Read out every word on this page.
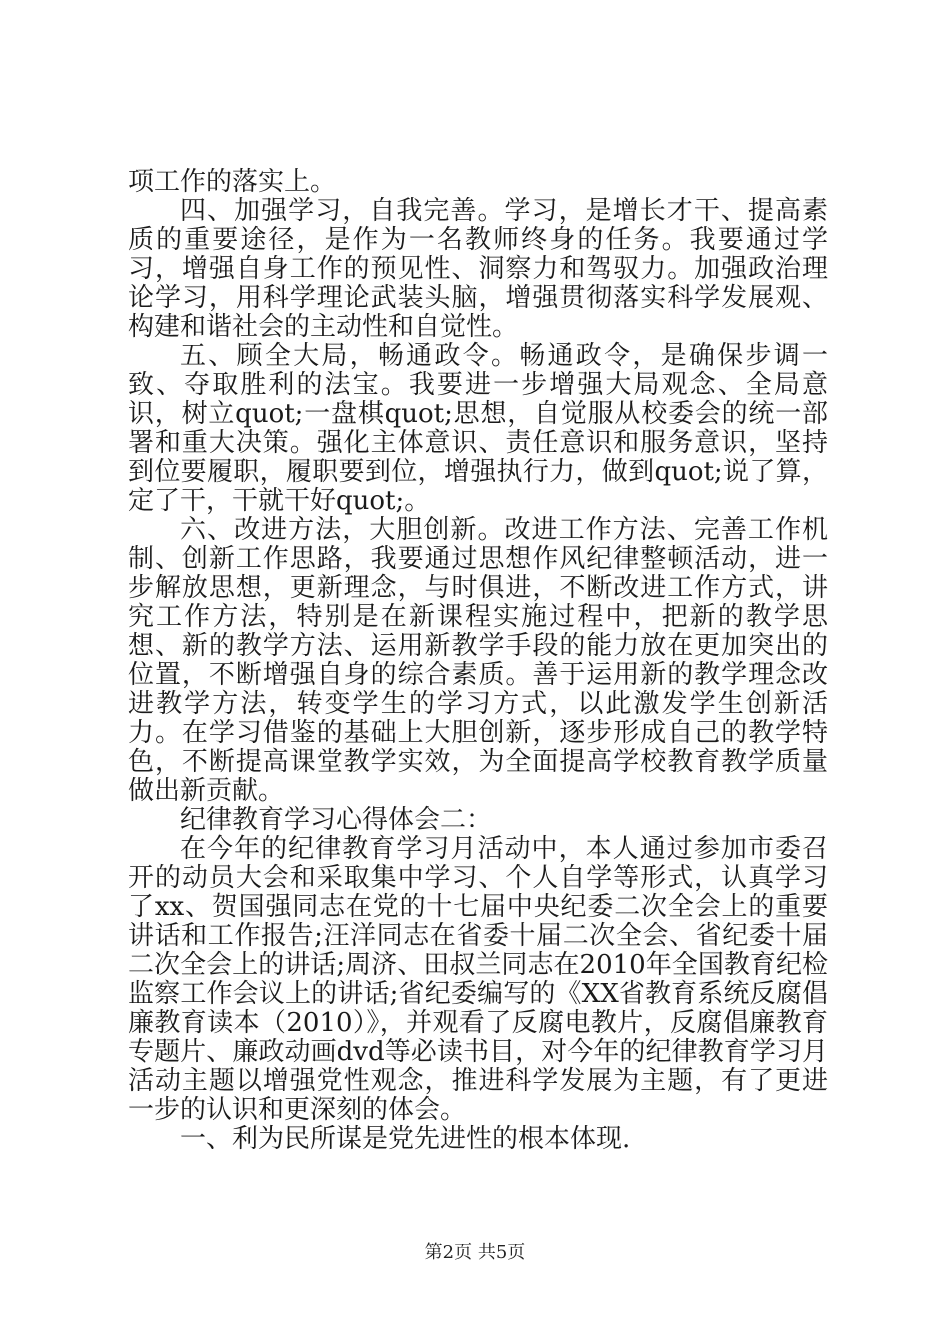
项工作的落实上。

四、加强学习，自我完善。学习，是增长才干、提高素质的重要途径，是作为一名教师终身的任务。我要通过学习，增强自身工作的预见性、洞察力和驾驭力。加强政治理论学习，用科学理论武装头脑，增强贯彻落实科学发展观、构建和谐社会的主动性和自觉性。

五、顾全大局，畅通政令。畅通政令，是确保步调一致、夺取胜利的法宝。我要进一步增强大局观念、全局意识，树立quot;一盘棋quot;思想，自觉服从校委会的统一部署和重大决策。强化主体意识、责任意识和服务意识，坚持到位要履职，履职要到位，增强执行力，做到quot;说了算，定了干，干就干好quot;。

六、改进方法，大胆创新。改进工作方法、完善工作机制、创新工作思路，我要通过思想作风纪律整顿活动，进一步解放思想，更新理念，与时俱进，不断改进工作方式，讲究工作方法，特别是在新课程实施过程中，把新的教学思想、新的教学方法、运用新教学手段的能力放在更加突出的位置，不断增强自身的综合素质。善于运用新的教学理念改进教学方法，转变学生的学习方式，以此激发学生创新活力。在学习借鉴的基础上大胆创新，逐步形成自己的教学特色，不断提高课堂教学实效，为全面提高学校教育教学质量做出新贡献。

纪律教育学习心得体会二：

在今年的纪律教育学习月活动中，本人通过参加市委召开的动员大会和采取集中学习、个人自学等形式，认真学习了xx、贺国强同志在党的十七届中央纪委二次全会上的重要讲话和工作报告;汪洋同志在省委十届二次全会、省纪委十届二次全会上的讲话;周济、田叔兰同志在2010年全国教育纪检监察工作会议上的讲话;省纪委编写的《XX省教育系统反腐倡廉教育读本（2010）》，并观看了反腐电教片，反腐倡廉教育专题片、廉政动画dvd等必读书目，对今年的纪律教育学习月活动主题以增强党性观念，推进科学发展为主题，有了更进一步的认识和更深刻的体会。

一、利为民所谋是党先进性的根本体现.

第2页 共5页
